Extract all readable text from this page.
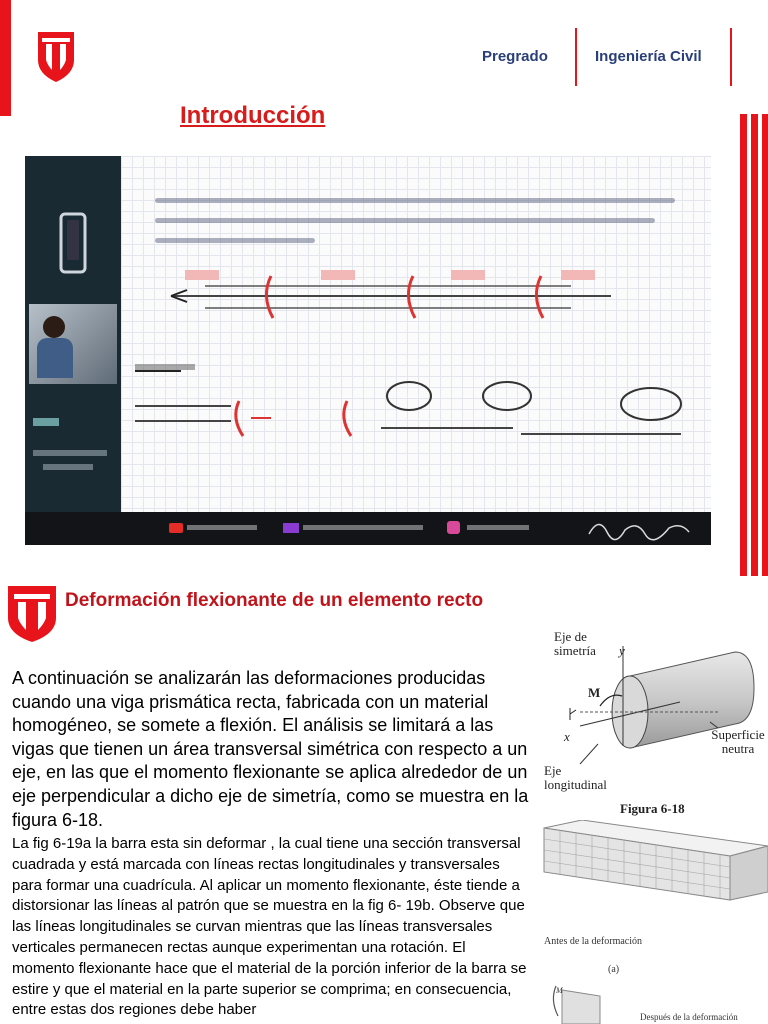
Pregrado	Ingeniería Civil
Introducción
Deformación flexionante de un elemento recto
A continuación se analizarán las deformaciones producidas cuando una viga prismática recta, fabricada con un material homogéneo, se somete a flexión. El análisis se limitará a las vigas que tienen un área transversal simétrica con respecto a un eje, en las que el momento flexionante se aplica alrededor de un eje perpendicular a dicho eje de simetría, como se muestra en la figura 6-18.
La fig 6-19a la barra esta sin deformar , la cual tiene una sección transversal cuadrada y está marcada con líneas rectas longitudinales y transversales para formar una cuadrícula. Al aplicar un momento flexionante, éste tiende a distorsionar las líneas al patrón que se muestra en la fig 6- 19b. Observe que las líneas longitudinales se curvan mientras que las líneas transversales verticales permanecen rectas aunque experimentan una rotación. El momento flexionante hace que el material de la porción inferior de la barra se estire y que el material en la parte superior se comprima; en consecuencia, entre estas dos regiones debe haber
Eje de simetría	y
M
x	Superficie neutra
Eje longitudinal
Figura 6-18
Antes de la deformación
(a)
M
Después de la deformación
